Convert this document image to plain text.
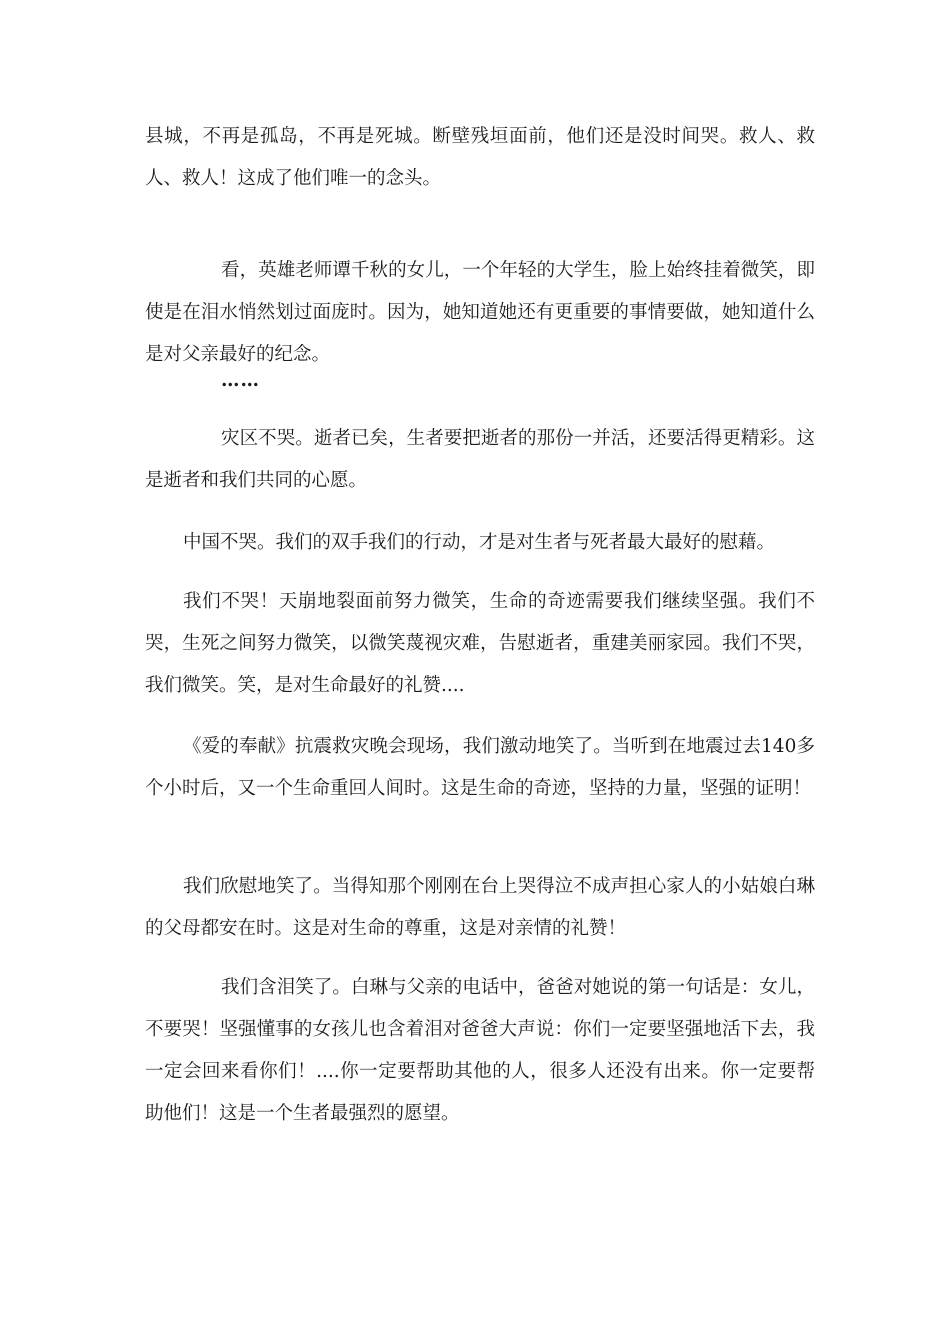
县城，不再是孤岛，不再是死城。断壁残垣面前，他们还是没时间哭。救人、救人、救人！这成了他们唯一的念头。

看，英雄老师谭千秋的女儿，一个年轻的大学生，脸上始终挂着微笑，即使是在泪水悄然划过面庞时。因为，她知道她还有更重要的事情要做，她知道什么是对父亲最好的纪念。

……

灾区不哭。逝者已矣，生者要把逝者的那份一并活，还要活得更精彩。这是逝者和我们共同的心愿。

中国不哭。我们的双手我们的行动，才是对生者与死者最大最好的慰藉。

我们不哭！天崩地裂面前努力微笑，生命的奇迹需要我们继续坚强。我们不哭，生死之间努力微笑，以微笑蔑视灾难，告慰逝者，重建美丽家园。我们不哭，我们微笑。笑，是对生命最好的礼赞....

《爱的奉献》抗震救灾晚会现场，我们激动地笑了。当听到在地震过去140多个小时后，又一个生命重回人间时。这是生命的奇迹，坚持的力量，坚强的证明！

我们欣慰地笑了。当得知那个刚刚在台上哭得泣不成声担心家人的小姑娘白琳的父母都安在时。这是对生命的尊重，这是对亲情的礼赞！

我们含泪笑了。白琳与父亲的电话中，爸爸对她说的第一句话是：女儿，不要哭！坚强懂事的女孩儿也含着泪对爸爸大声说：你们一定要坚强地活下去，我一定会回来看你们！....你一定要帮助其他的人，很多人还没有出来。你一定要帮助他们！这是一个生者最强烈的愿望。
